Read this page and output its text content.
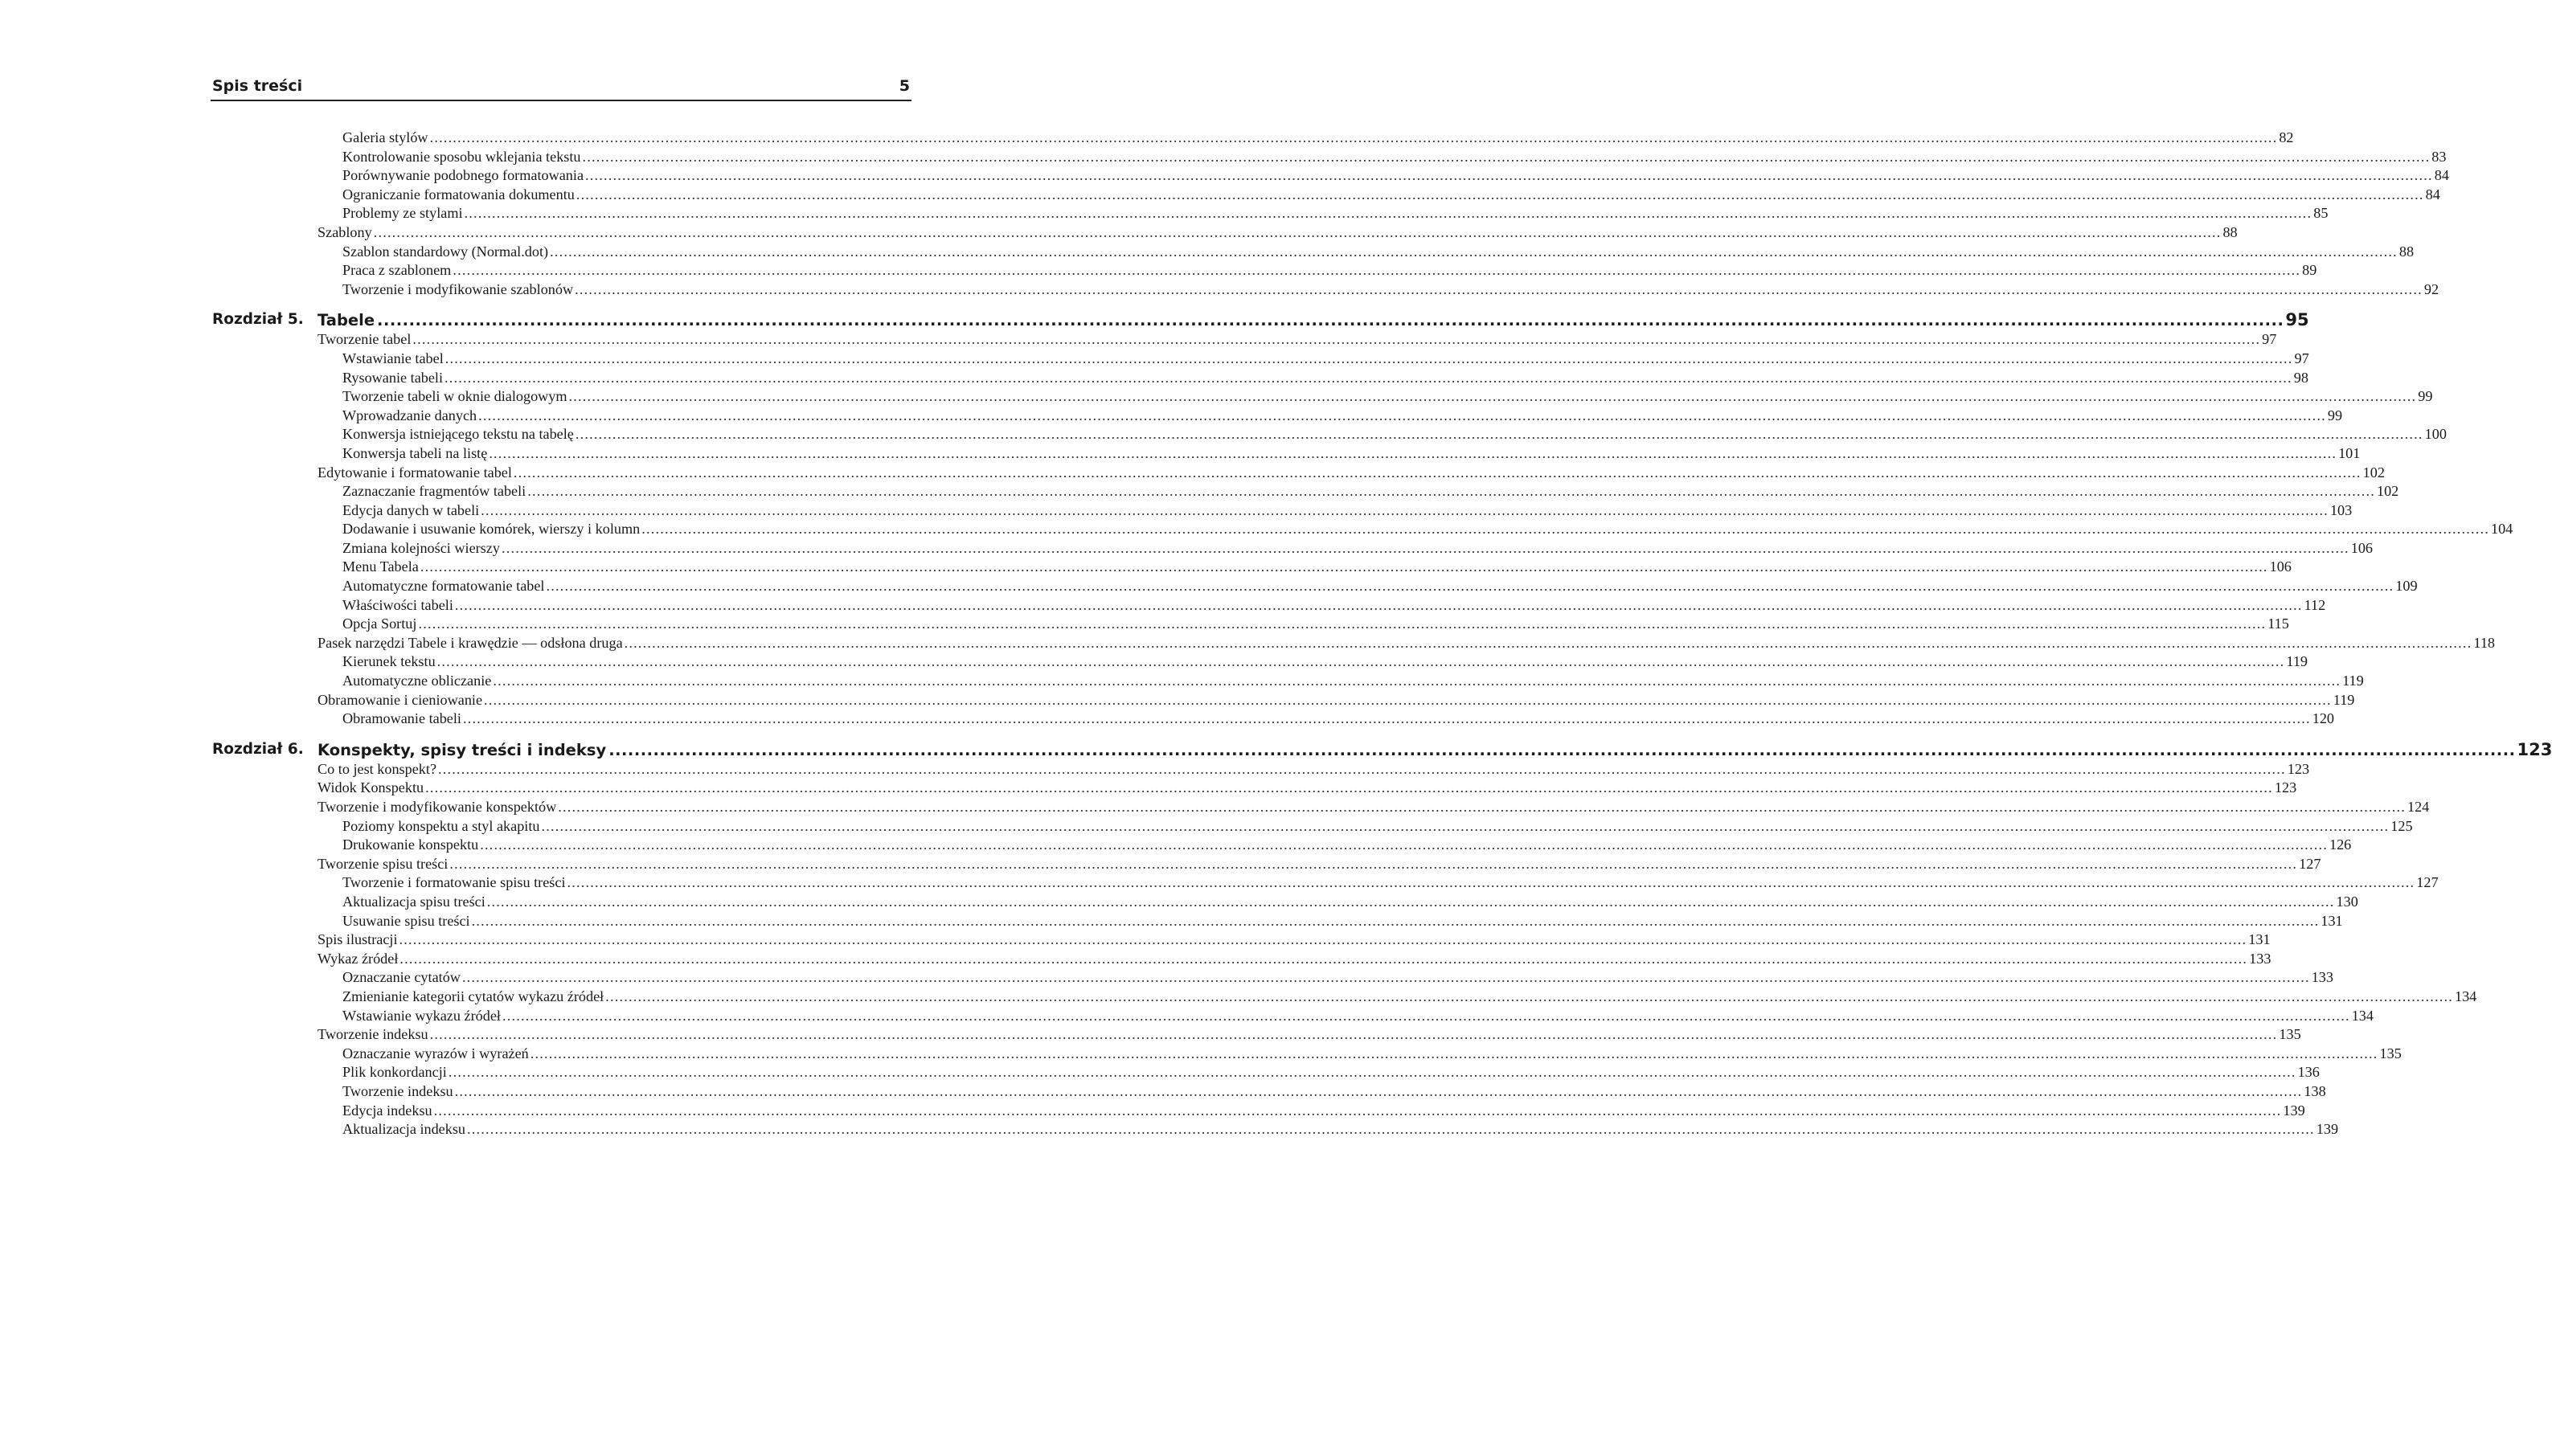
Spis treści	5
Galeria stylów ................................................................................................................................................................................................................................................................................................................................................................................................................ 82
Kontrolowanie sposobu wklejania tekstu ................................................................................................................................................................................................................................................................................................................................................................................................................ 83
Porównywanie podobnego formatowania ................................................................................................................................................................................................................................................................................................................................................................................................................ 84
Ograniczanie formatowania dokumentu ................................................................................................................................................................................................................................................................................................................................................................................................................ 84
Problemy ze stylami ................................................................................................................................................................................................................................................................................................................................................................................................................ 85
Szablony ................................................................................................................................................................................................................................................................................................................................................................................................................ 88
Szablon standardowy (Normal.dot) ................................................................................................................................................................................................................................................................................................................................................................................................................ 88
Praca z szablonem ................................................................................................................................................................................................................................................................................................................................................................................................................ 89
Tworzenie i modyfikowanie szablonów ................................................................................................................................................................................................................................................................................................................................................................................................................ 92
Rozdział 5. Tabele ............................................................................................................................................................................................................................................................................................................ 95
Tworzenie tabel ................................................................................................................................................................................................................................................................................................................................................................................................................ 97
Wstawianie tabel ................................................................................................................................................................................................................................................................................................................................................................................................................ 97
Rysowanie tabeli ................................................................................................................................................................................................................................................................................................................................................................................................................ 98
Tworzenie tabeli w oknie dialogowym ................................................................................................................................................................................................................................................................................................................................................................................................................ 99
Wprowadzanie danych ................................................................................................................................................................................................................................................................................................................................................................................................................ 99
Konwersja istniejącego tekstu na tabelę ................................................................................................................................................................................................................................................................................................................................................................................................................ 100
Konwersja tabeli na listę ................................................................................................................................................................................................................................................................................................................................................................................................................ 101
Edytowanie i formatowanie tabel ................................................................................................................................................................................................................................................................................................................................................................................................................ 102
Zaznaczanie fragmentów tabeli ................................................................................................................................................................................................................................................................................................................................................................................................................ 102
Edycja danych w tabeli ................................................................................................................................................................................................................................................................................................................................................................................................................ 103
Dodawanie i usuwanie komórek, wierszy i kolumn ................................................................................................................................................................................................................................................................................................................................................................................................................ 104
Zmiana kolejności wierszy ................................................................................................................................................................................................................................................................................................................................................................................................................ 106
Menu Tabela ................................................................................................................................................................................................................................................................................................................................................................................................................ 106
Automatyczne formatowanie tabel ................................................................................................................................................................................................................................................................................................................................................................................................................ 109
Właściwości tabeli ................................................................................................................................................................................................................................................................................................................................................................................................................ 112
Opcja Sortuj ................................................................................................................................................................................................................................................................................................................................................................................................................ 115
Pasek narzędzi Tabele i krawędzie — odsłona druga ................................................................................................................................................................................................................................................................................................................................................................................................................ 118
Kierunek tekstu ................................................................................................................................................................................................................................................................................................................................................................................................................ 119
Automatyczne obliczanie ................................................................................................................................................................................................................................................................................................................................................................................................................ 119
Obramowanie i cieniowanie ................................................................................................................................................................................................................................................................................................................................................................................................................ 119
Obramowanie tabeli ................................................................................................................................................................................................................................................................................................................................................................................................................ 120
Rozdział 6. Konspekty, spisy treści i indeksy ............................................................................................................................................................................................................................................................................................................ 123
Co to jest konspekt? ................................................................................................................................................................................................................................................................................................................................................................................................................ 123
Widok Konspektu ................................................................................................................................................................................................................................................................................................................................................................................................................ 123
Tworzenie i modyfikowanie konspektów ................................................................................................................................................................................................................................................................................................................................................................................................................ 124
Poziomy konspektu a styl akapitu ................................................................................................................................................................................................................................................................................................................................................................................................................ 125
Drukowanie konspektu ................................................................................................................................................................................................................................................................................................................................................................................................................ 126
Tworzenie spisu treści ................................................................................................................................................................................................................................................................................................................................................................................................................ 127
Tworzenie i formatowanie spisu treści ................................................................................................................................................................................................................................................................................................................................................................................................................ 127
Aktualizacja spisu treści ................................................................................................................................................................................................................................................................................................................................................................................................................ 130
Usuwanie spisu treści ................................................................................................................................................................................................................................................................................................................................................................................................................ 131
Spis ilustracji ................................................................................................................................................................................................................................................................................................................................................................................................................ 131
Wykaz źródeł ................................................................................................................................................................................................................................................................................................................................................................................................................ 133
Oznaczanie cytatów ................................................................................................................................................................................................................................................................................................................................................................................................................ 133
Zmienianie kategorii cytatów wykazu źródeł ................................................................................................................................................................................................................................................................................................................................................................................................................ 134
Wstawianie wykazu źródeł ................................................................................................................................................................................................................................................................................................................................................................................................................ 134
Tworzenie indeksu ................................................................................................................................................................................................................................................................................................................................................................................................................ 135
Oznaczanie wyrazów i wyrażeń ................................................................................................................................................................................................................................................................................................................................................................................................................ 135
Plik konkordancji ................................................................................................................................................................................................................................................................................................................................................................................................................ 136
Tworzenie indeksu ................................................................................................................................................................................................................................................................................................................................................................................................................ 138
Edycja indeksu ................................................................................................................................................................................................................................................................................................................................................................................................................ 139
Aktualizacja indeksu ................................................................................................................................................................................................................................................................................................................................................................................................................ 139
